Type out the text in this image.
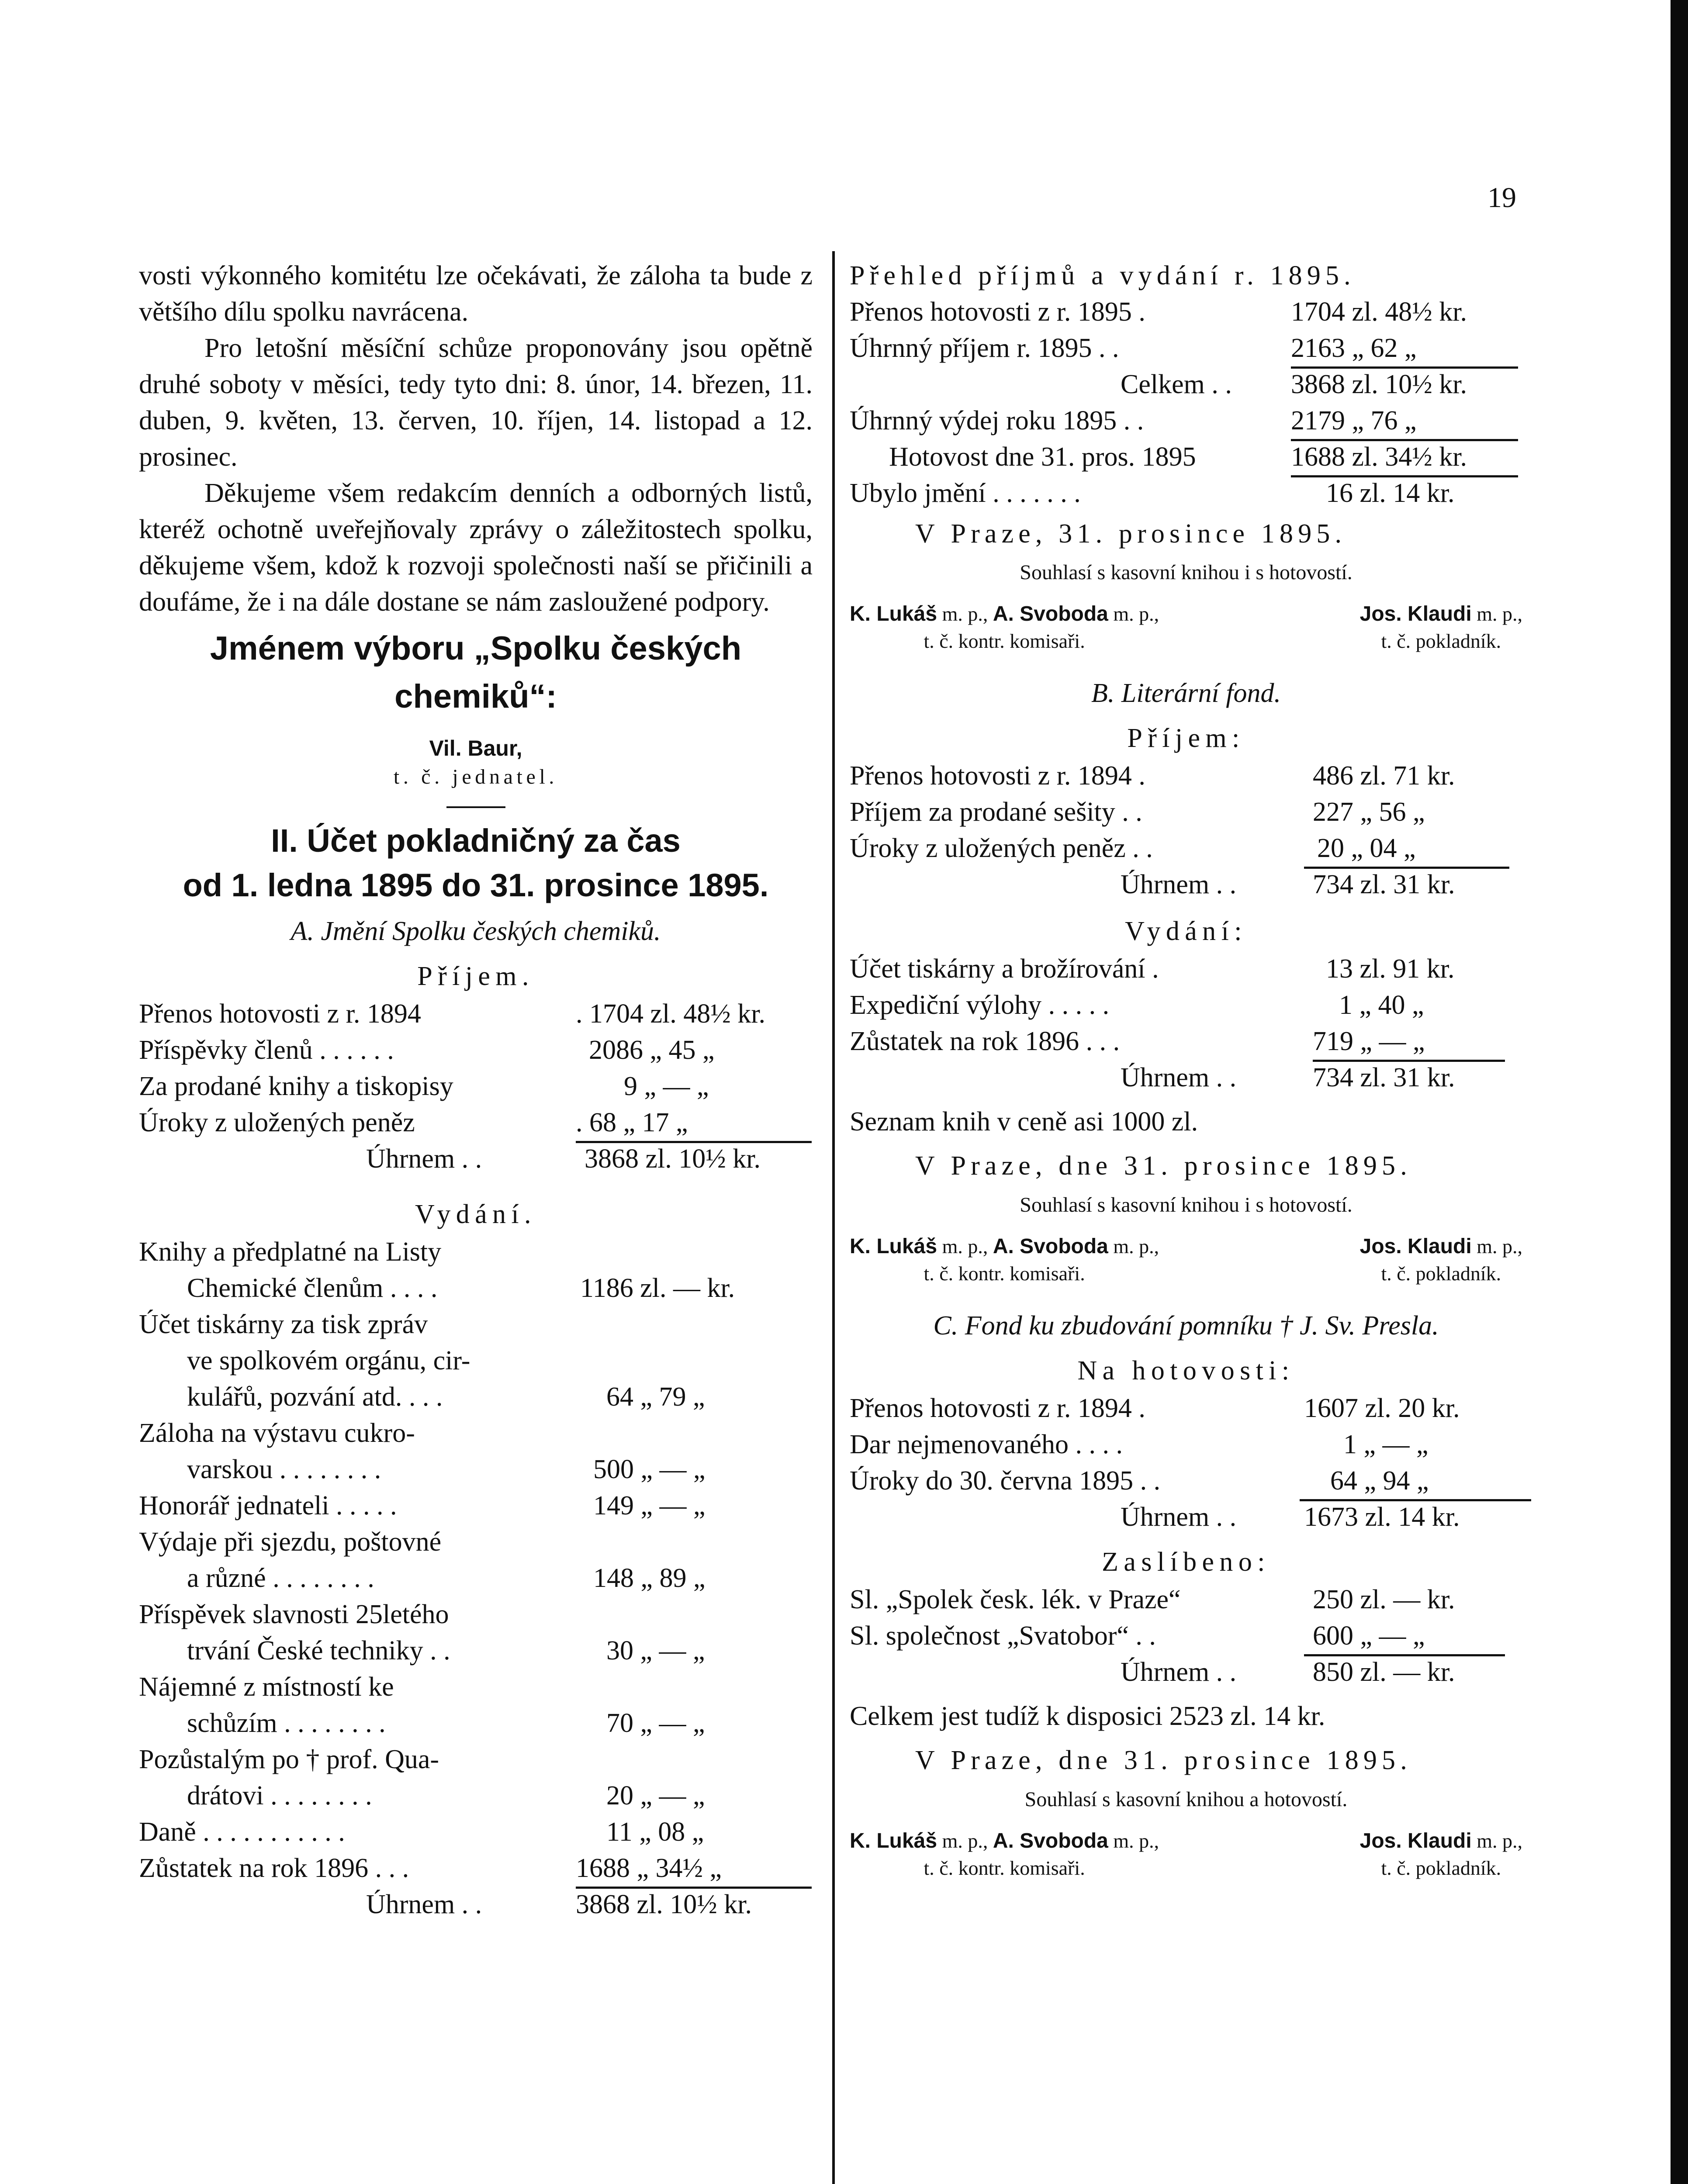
19

vosti výkonného komitétu lze očekávati, že záloha ta bude z většího dílu spolku navrácena.

Pro letošní měsíční schůze proponovány jsou opětně druhé soboty v měsíci, tedy tyto dni: 8. únor, 14. březen, 11. duben, 9. květen, 13. červen, 10. říjen, 14. listopad a 12. prosinec.

Děkujeme všem redakcím denních a odborných listů, kteréž ochotně uveřejňovaly zprávy o záležitostech spolku, děkujeme všem, kdož k rozvoji společnosti naší se přičinili a doufáme, že i na dále dostane se nám zasloužené podpory.

Jménem výboru „Spolku českých chemiků“:
Vil. Baur,
t. č. jednatel.
II. Účet pokladničný za čas
od 1. ledna 1895 do 31. prosince 1895.
A. Jmění Spolku českých chemiků.
Příjem.
Přenos hotovosti z r. 1894	. 1704 zl. 48½ kr.
Příspěvky členů . . . . . .	2086 „ 45 „
Za prodané knihy a tiskopisy	9 „ — „
Úroky z uložených peněz	. 68 „ 17 „
Úhrnem . .	3868 zl. 10½ kr.
Vydání.
Knihy a předplatné na Listy
Chemické členům . . . .	1186 zl. — kr.
Účet tiskárny za tisk zpráv
ve spolkovém orgánu, cir-
kulářů, pozvání atd. . . .	64 „ 79 „
Záloha na výstavu cukro-
varskou . . . . . . . .	500 „ — „
Honorář jednateli . . . . .	149 „ — „
Výdaje při sjezdu, poštovné
a různé . . . . . . . .	148 „ 89 „
Příspěvek slavnosti 25letého
trvání České techniky . .	30 „ — „
Nájemné z místností ke
schůzím . . . . . . . .	70 „ — „
Pozůstalým po † prof. Qua-
drátovi . . . . . . . .	20 „ — „
Daně . . . . . . . . . . .	11 „ 08 „
Zůstatek na rok 1896 . . .	1688 „ 34½ „
Úhrnem . .	3868 zl. 10½ kr.
Přehled příjmů a vydání r. 1895.
Přenos hotovosti z r. 1895 .	1704 zl. 48½ kr.
Úhrnný příjem r. 1895 . .	2163 „ 62 „
Celkem . . 3868 zl. 10½ kr.
Úhrnný výdej roku 1895 . .	2179 „ 76 „
Hotovost dne 31. pros. 1895	1688 zl. 34½ kr.
Ubylo jmění . . . . . . .	16 zl. 14 kr.
V Praze, 31. prosince 1895.
Souhlasí s kasovní knihou i s hotovostí.
K. Lukáš m. p., A. Svoboda m. p.,
t. č. kontr. komisaři.
Jos. Klaudi m. p.,
t. č. pokladník.
B. Literární fond.
Příjem:
Přenos hotovosti z r. 1894 .	486 zl. 71 kr.
Příjem za prodané sešity . .	227 „ 56 „
Úroky z uložených peněz . .	20 „ 04 „
Úhrnem . .	734 zl. 31 kr.
Vydání:
Účet tiskárny a brožírování .	13 zl. 91 kr.
Expediční výlohy . . . . .	1 „ 40 „
Zůstatek na rok 1896 . . .	719 „ — „
Úhrnem . .	734 zl. 31 kr.
Seznam knih v ceně asi 1000 zl.
V Praze, dne 31. prosince 1895.
Souhlasí s kasovní knihou i s hotovostí.
K. Lukáš m. p., A. Svoboda m. p.,
t. č. kontr. komisaři.
Jos. Klaudi m. p.,
t. č. pokladník.
C. Fond ku zbudování pomníku † J. Sv. Presla.
Na hotovosti:
Přenos hotovosti z r. 1894 .	1607 zl. 20 kr.
Dar nejmenovaného . . . .	1 „ — „
Úroky do 30. června 1895 . .	64 „ 94 „
Úhrnem . . 1673 zl. 14 kr.
Zaslíbeno:
Sl. „Spolek česk. lék. v Praze“	250 zl. — kr.
Sl. společnost „Svatobor“ . .	600 „ — „
Úhrnem . .	850 zl. — kr.
Celkem jest tudíž k disposici 2523 zl. 14 kr.
V Praze, dne 31. prosince 1895.
Souhlasí s kasovní knihou a hotovostí.
K. Lukáš m. p., A. Svoboda m. p.,
t. č. kontr. komisaři.
Jos. Klaudi m. p.,
t. č. pokladník.
